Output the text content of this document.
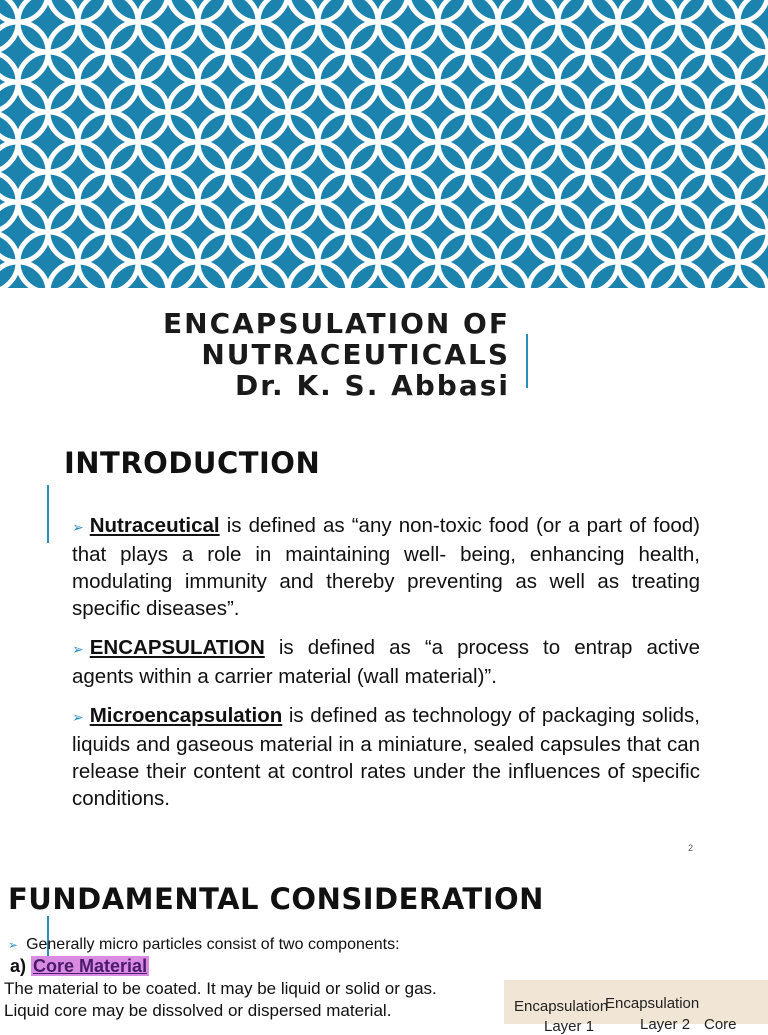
ENCAPSULATION OF
NUTRACEUTICALS
Dr. K. S. Abbasi
INTRODUCTION
➢ Nutraceutical is defined as “any non-toxic food (or a part of food) that plays a role in maintaining well- being, enhancing health, modulating immunity and thereby preventing as well as treating specific diseases”.
➢ ENCAPSULATION is defined as “a process to entrap active agents within a carrier material (wall material)”.
➢ Microencapsulation is defined as technology of packaging solids, liquids and gaseous material in a miniature, sealed capsules that can release their content at control rates under the influences of specific conditions.
2
FUNDAMENTAL CONSIDERATION
➢ Generally micro particles consist of two components:
a) Core Material
The material to be coated. It may be liquid or solid or gas.
Liquid core may be dissolved or dispersed material.	Encapsulation
Encapsulation
Layer 1	Layer 2 Core
